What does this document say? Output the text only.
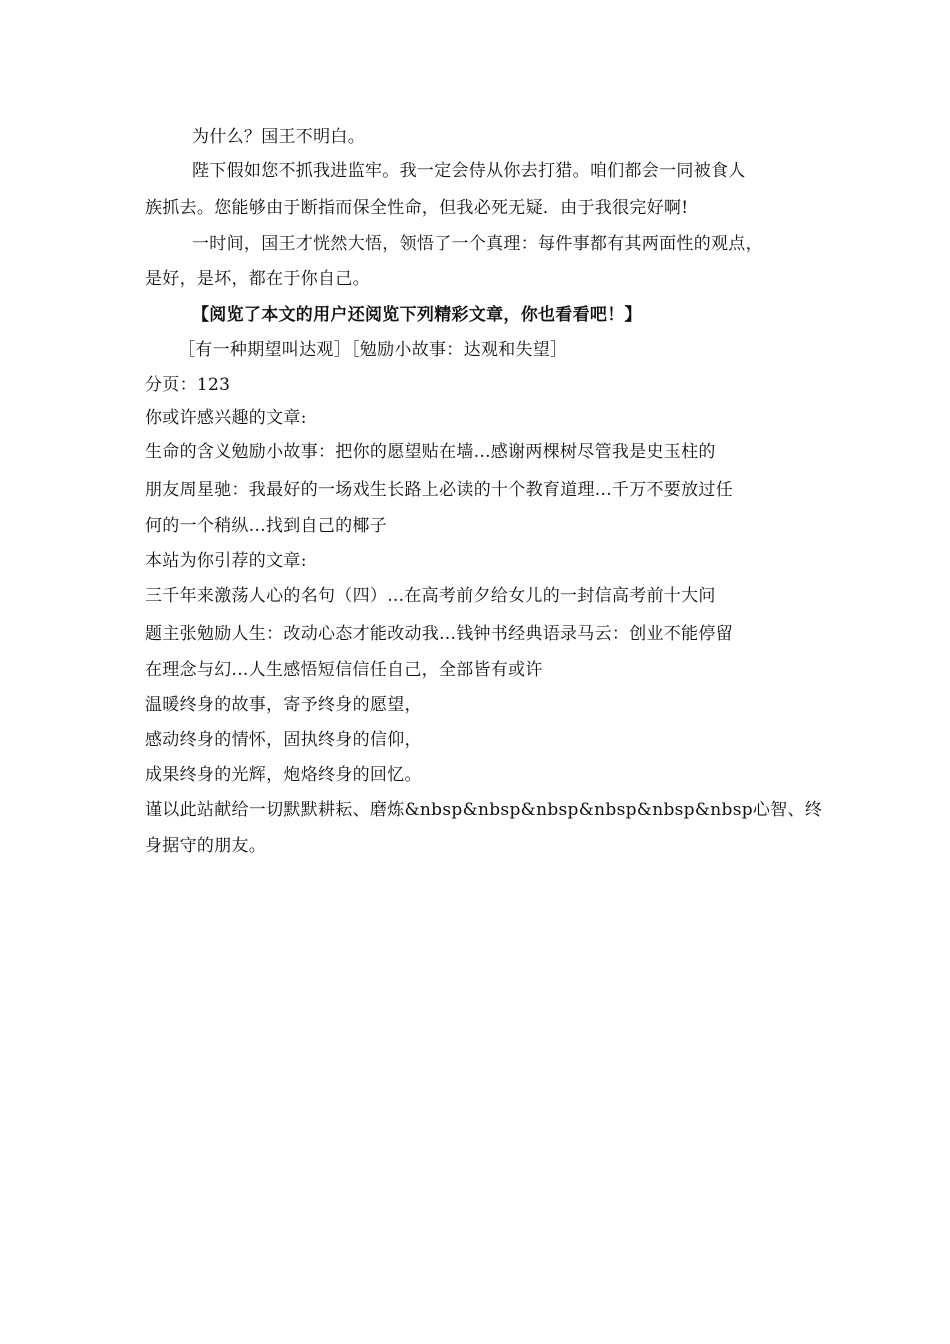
为什么？国王不明白。
陛下假如您不抓我进监牢。我一定会侍从你去打猎。咱们都会一同被食人
族抓去。您能够由于断指而保全性命，但我必死无疑．由于我很完好啊!
一时间，国王才恍然大悟，领悟了一个真理：每件事都有其两面性的观点，
是好，是坏，都在于你自己。
【阅览了本文的用户还阅览下列精彩文章，你也看看吧！】
［有一种期望叫达观］［勉励小故事：达观和失望］
分页：123
你或许感兴趣的文章:
生命的含义勉励小故事：把你的愿望贴在墙...感谢两棵树尽管我是史玉柱的
朋友周星驰：我最好的一场戏生长路上必读的十个教育道理...千万不要放过任
何的一个稍纵...找到自己的椰子
本站为你引荐的文章:
三千年来激荡人心的名句（四）...在高考前夕给女儿的一封信高考前十大问
题主张勉励人生：改动心态才能改动我...钱钟书经典语录马云：创业不能停留
在理念与幻...人生感悟短信信任自己，全部皆有或许
温暖终身的故事，寄予终身的愿望，
感动终身的情怀，固执终身的信仰，
成果终身的光辉，炮烙终身的回忆。
谨以此站献给一切默默耕耘、磨炼&nbsp&nbsp&nbsp&nbsp&nbsp&nbsp心智、终
身据守的朋友。
